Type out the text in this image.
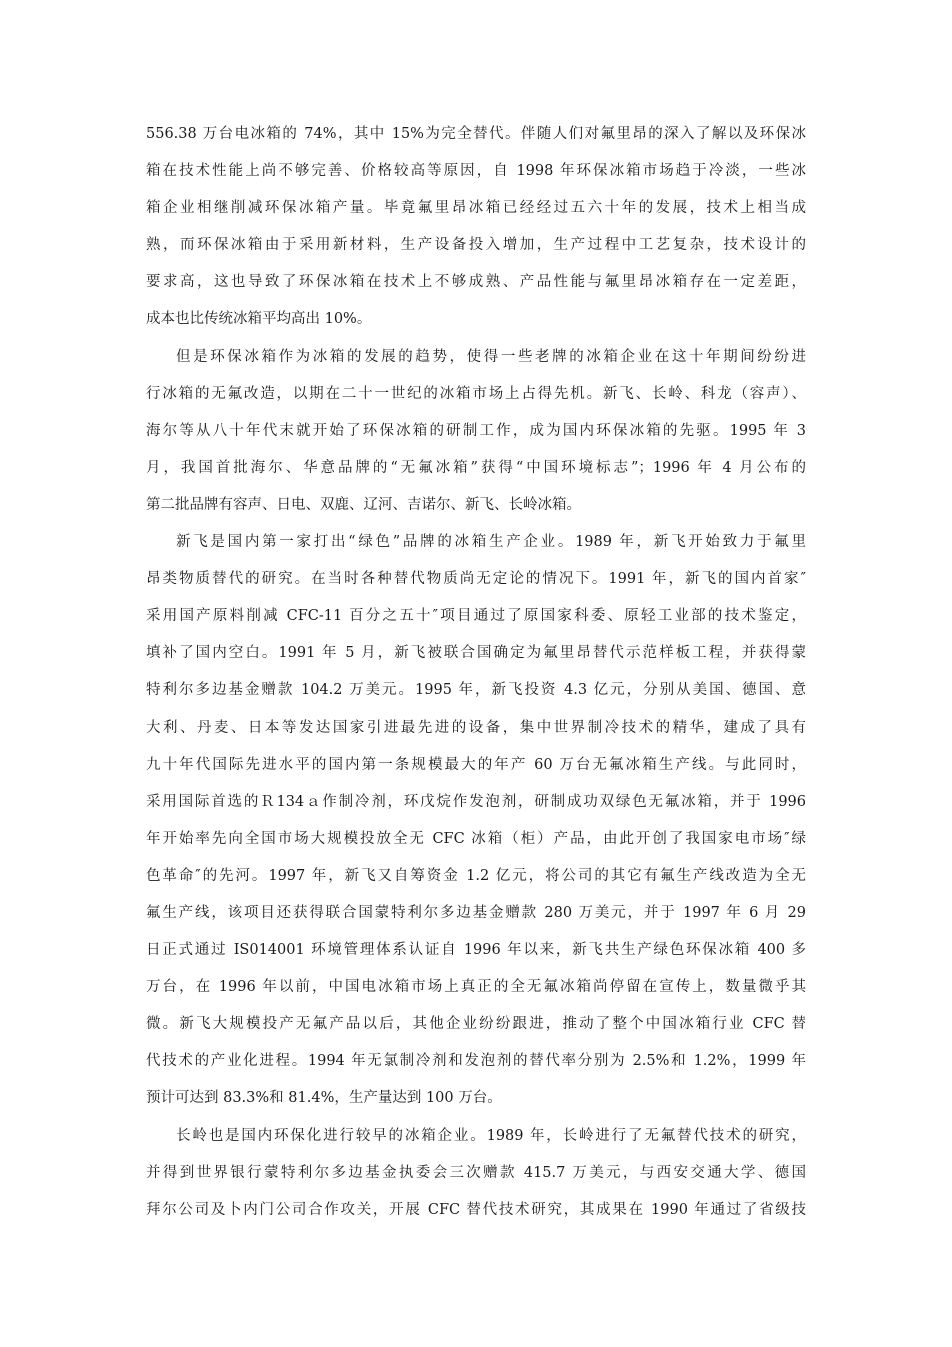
556.38 万台电冰箱的 74%，其中 15%为完全替代。伴随人们对氟里昂的深入了解以及环保冰
箱在技术性能上尚不够完善、价格较高等原因，自 1998 年环保冰箱市场趋于冷淡，一些冰
箱企业相继削减环保冰箱产量。毕竟氟里昂冰箱已经经过五六十年的发展，技术上相当成
熟，而环保冰箱由于采用新材料，生产设备投入增加，生产过程中工艺复杂，技术设计的
要求高，这也导致了环保冰箱在技术上不够成熟、产品性能与氟里昂冰箱存在一定差距，
成本也比传统冰箱平均高出 10%。
但是环保冰箱作为冰箱的发展的趋势，使得一些老牌的冰箱企业在这十年期间纷纷进
行冰箱的无氟改造，以期在二十一世纪的冰箱市场上占得先机。新飞、长岭、科龙（容声）、
海尔等从八十年代末就开始了环保冰箱的研制工作，成为国内环保冰箱的先驱。1995 年 3
月，我国首批海尔、华意品牌的“无氟冰箱”获得“中国环境标志”；1996 年 4 月公布的
第二批品牌有容声、日电、双鹿、辽河、吉诺尔、新飞、长岭冰箱。
新飞是国内第一家打出“绿色”品牌的冰箱生产企业。1989 年，新飞开始致力于氟里
昂类物质替代的研究。在当时各种替代物质尚无定论的情况下。1991 年，新飞的国内首家″
采用国产原料削减 CFC-11 百分之五十″项目通过了原国家科委、原轻工业部的技术鉴定，
填补了国内空白。1991 年 5 月，新飞被联合国确定为氟里昂替代示范样板工程，并获得蒙
特利尔多边基金赠款 104.2 万美元。1995 年，新飞投资 4.3 亿元，分别从美国、德国、意
大利、丹麦、日本等发达国家引进最先进的设备，集中世界制冷技术的精华，建成了具有
九十年代国际先进水平的国内第一条规模最大的年产 60 万台无氟冰箱生产线。与此同时，
采用国际首选的Ｒ134ａ作制冷剂，环戊烷作发泡剂，研制成功双绿色无氟冰箱，并于 1996
年开始率先向全国市场大规模投放全无 CFC 冰箱（柜）产品，由此开创了我国家电市场″绿
色革命″的先河。1997 年，新飞又自筹资金 1.2 亿元，将公司的其它有氟生产线改造为全无
氟生产线，该项目还获得联合国蒙特利尔多边基金赠款 280 万美元，并于 1997 年 6 月 29
日正式通过 IS014001 环境管理体系认证自 1996 年以来，新飞共生产绿色环保冰箱 400 多
万台，在 1996 年以前，中国电冰箱市场上真正的全无氟冰箱尚停留在宣传上，数量微乎其
微。新飞大规模投产无氟产品以后，其他企业纷纷跟进，推动了整个中国冰箱行业 CFC 替
代技术的产业化进程。1994 年无氯制冷剂和发泡剂的替代率分别为 2.5%和 1.2%，1999 年
预计可达到 83.3%和 81.4%，生产量达到 100 万台。
长岭也是国内环保化进行较早的冰箱企业。1989 年，长岭进行了无氟替代技术的研究，
并得到世界银行蒙特利尔多边基金执委会三次赠款 415.7 万美元，与西安交通大学、德国
拜尔公司及卜内门公司合作攻关，开展 CFC 替代技术研究，其成果在 1990 年通过了省级技
